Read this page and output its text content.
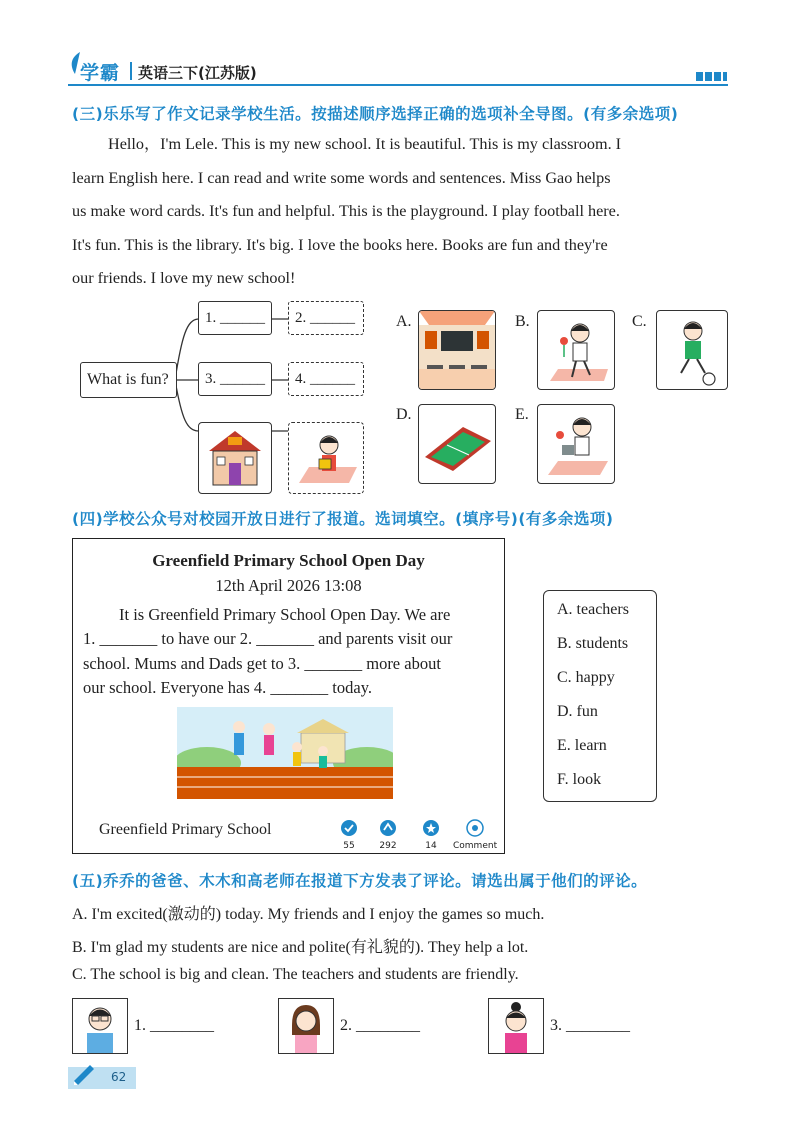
学霸 英语三下(江苏版)
(三)乐乐写了作文记录学校生活。按描述顺序选择正确的选项补全导图。(有多余选项)

Hello，I'm Lele. This is my new school. It is beautiful. This is my classroom. I

learn English here. I can read and write some words and sentences. Miss Gao helps

us make word cards. It's fun and helpful. This is the playground. I play football here.

It's fun. This is the library. It's big. I love the books here. Books are fun and they're

our friends. I love my new school!

What is fun?
1. ______ 2. ______
3. ______ 4. ______
A.	B.	C.
D.	E.
(四)学校公众号对校园开放日进行了报道。选词填空。(填序号)(有多余选项)
Greenfield Primary School Open Day
12th April 2026 13:08
It is Greenfield Primary School Open Day. We are
1. _______ to have our 2. _______ and parents visit our
school. Mums and Dads get to 3. _______ more about
our school. Everyone has 4. _______ today.
Greenfield Primary School
55	292	14	Comment
A. teachers
B. students
C. happy
D. fun
E. learn
F. look
(五)乔乔的爸爸、木木和高老师在报道下方发表了评论。请选出属于他们的评论。
A. I'm excited(激动的) today. My friends and I enjoy the games so much.
B. I'm glad my students are nice and polite(有礼貌的). They help a lot.
C. The school is big and clean. The teachers and students are friendly.
1. ________	2. ________	3. ________
62
